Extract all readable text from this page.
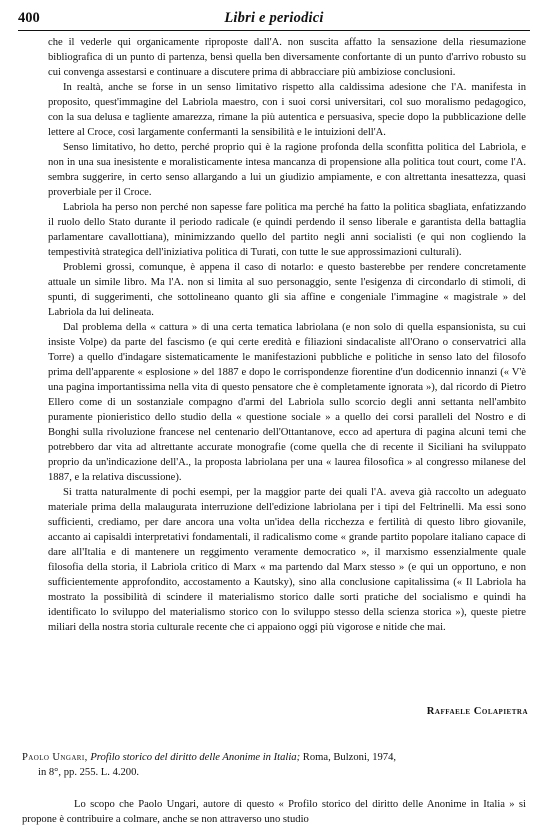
400	Libri e periodici

che il vederle qui organicamente riproposte dall'A. non suscita affatto la sensazione della riesumazione bibliografica di un punto di partenza, bensì quella ben diversamente confortante di un punto d'arrivo robusto su cui convenga assestarsi e continuare a discutere prima di abbracciare più ambiziose conclusioni.

In realtà, anche se forse in un senso limitativo rispetto alla caldissima adesione che l'A. manifesta in proposito, quest'immagine del Labriola maestro, con i suoi corsi universitari, col suo moralismo pedagogico, con la sua delusa e tagliente amarezza, rimane la più autentica e persuasiva, specie dopo la pubblicazione delle lettere al Croce, così largamente confermanti la sensibilità e le intuizioni dell'A.

Senso limitativo, ho detto, perché proprio qui è la ragione profonda della sconfitta politica del Labriola, e non in una sua inesistente e moralisticamente intesa mancanza di propensione alla politica tout court, come l'A. sembra suggerire, in certo senso allargando a lui un giudizio ampiamente, e con altrettanta inesattezza, quasi proverbiale per il Croce.

Labriola ha perso non perché non sapesse fare politica ma perché ha fatto la politica sbagliata, enfatizzando il ruolo dello Stato durante il periodo radicale (e quindi perdendo il senso liberale e garantista della battaglia parlamentare cavallottiana), minimizzando quello del partito negli anni socialisti (e qui non cogliendo la tempestività strategica dell'iniziativa politica di Turati, con tutte le sue approssimazioni culturali).

Problemi grossi, comunque, è appena il caso di notarlo: e questo basterebbe per rendere concretamente attuale un simile libro. Ma l'A. non si limita al suo personaggio, sente l'esigenza di circondarlo di stimoli, di spunti, di suggerimenti, che sottolineano quanto gli sia affine e congeniale l'immagine « magistrale » del Labriola da lui delineata.

Dal problema della « cattura » di una certa tematica labriolana (e non solo di quella espansionista, su cui insiste Volpe) da parte del fascismo (e qui certe eredità e filiazioni sindacaliste all'Orano o conservatrici alla Torre) a quello d'indagare sistematicamente le manifestazioni pubbliche e politiche in senso lato del filosofo prima dell'apparente « esplosione » del 1887 e dopo le corrispondenze fiorentine d'un dodicennio innanzi (« V'è una pagina importantissima nella vita di questo pensatore che è completamente ignorata »), dal ricordo di Pietro Ellero come di un sostanziale compagno d'armi del Labriola sullo scorcio degli anni settanta nell'ambito puramente pionieristico dello studio della « questione sociale » a quello dei corsi paralleli del Nostro e di Bonghi sulla rivoluzione francese nel centenario dell'Ottantanove, ecco ad apertura di pagina alcuni temi che potrebbero dar vita ad altrettante accurate monografie (come quella che di recente il Siciliani ha sviluppato proprio da un'indicazione dell'A., la proposta labriolana per una « laurea filosofica » al congresso milanese del 1887, e la relativa discussione).

Si tratta naturalmente di pochi esempi, per la maggior parte dei quali l'A. aveva già raccolto un adeguato materiale prima della malaugurata interruzione dell'edizione labriolana per i tipi del Feltrinelli. Ma essi sono sufficienti, crediamo, per dare ancora una volta un'idea della ricchezza e fertilità di questo libro giovanile, accanto ai capisaldi interpretativi fondamentali, il radicalismo come « grande partito popolare italiano capace di dare all'Italia e di mantenere un reggimento veramente democratico », il marxismo essenzialmente quale filosofia della storia, il Labriola critico di Marx « ma partendo dal Marx stesso » (e qui un opportuno, e non sufficientemente approfondito, accostamento a Kautsky), sino alla conclusione capitalissima (« Il Labriola ha mostrato la possibilità di scindere il materialismo storico dalle sorti pratiche del socialismo e quindi ha identificato lo sviluppo del materialismo storico con lo sviluppo stesso della scienza storica »), queste pietre miliari della nostra storia culturale recente che ci appaiono oggi più vigorose e nitide che mai.

Raffaele Colapietra
Paolo Ungari, Profilo storico del diritto delle Anonime in Italia; Roma, Bulzoni, 1974,
in 8°, pp. 255. L. 4.200.
Lo scopo che Paolo Ungari, autore di questo « Profilo storico del diritto delle Anonime in Italia » si propone è contribuire a colmare, anche se non attraverso uno studio
